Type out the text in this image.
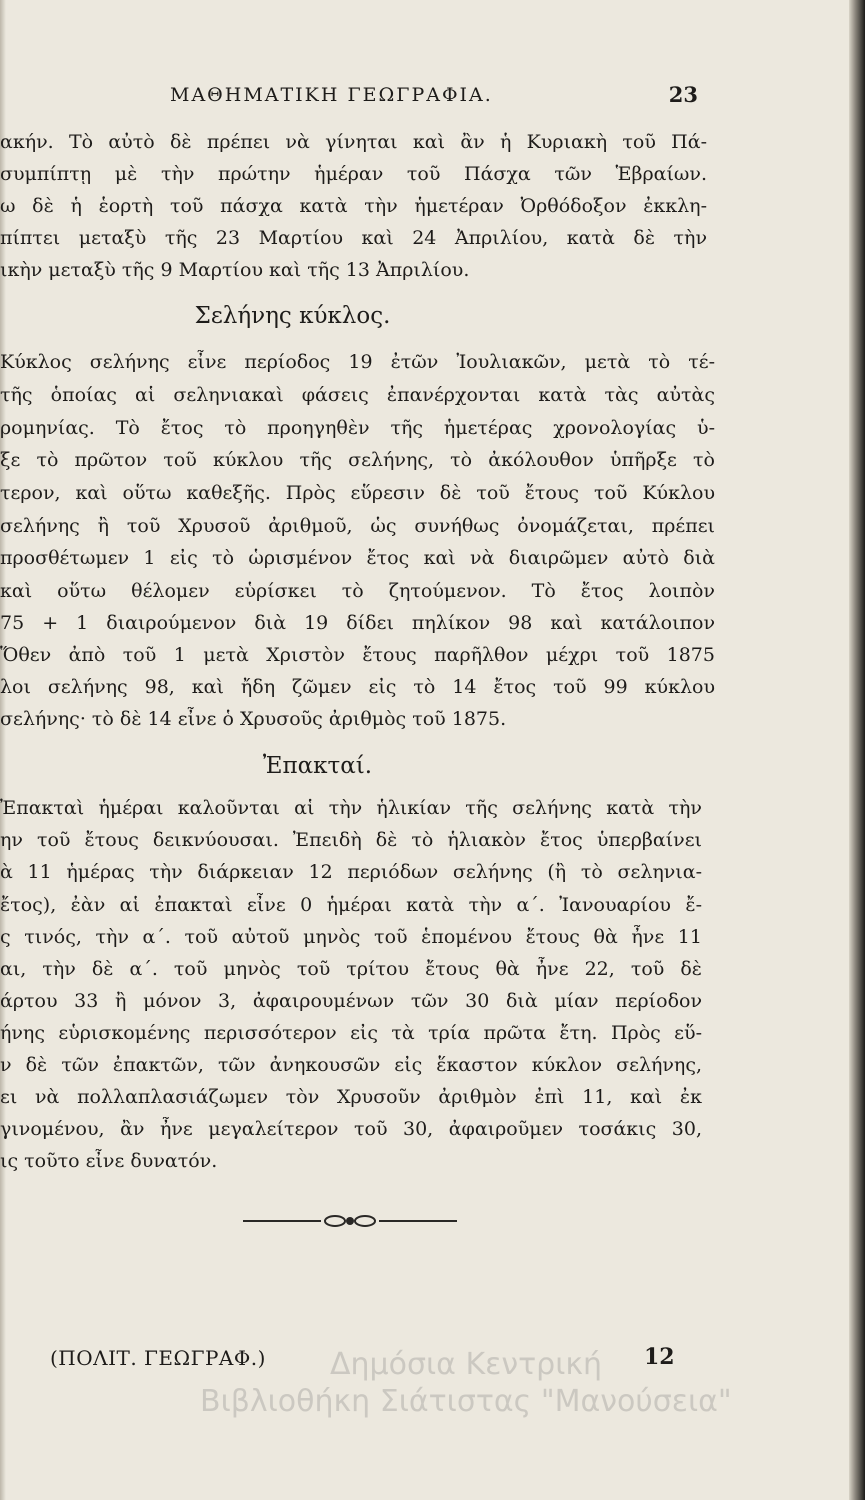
ΜΑΘΗΜΑΤΙΚΗ ΓΕΩΓΡΑΦΙΑ.	23
ακήν. Τὸ αὐτὸ δὲ πρέπει νὰ γίνηται καὶ ἂν ἡ Κυριακὴ τοῦ Πά-
συμπίπτῃ μὲ τὴν πρώτην ἡμέραν τοῦ Πάσχα τῶν Ἑβραίων.
ω δὲ ἡ ἑορτὴ τοῦ πάσχα κατὰ τὴν ἡμετέραν Ὀρθόδοξον ἐκκλη-
πίπτει μεταξὺ τῆς 23 Μαρτίου καὶ 24 Ἀπριλίου, κατὰ δὲ τὴν
ικὴν μεταξὺ τῆς 9 Μαρτίου καὶ τῆς 13 Ἀπριλίου.
Σελήνης κύκλος.
Κύκλος σελήνης εἶνε περίοδος 19 ἐτῶν Ἰουλιακῶν, μετὰ τὸ τέ-
τῆς ὁποίας αἱ σεληνιακαὶ φάσεις ἐπανέρχονται κατὰ τὰς αὐτὰς
ρομηνίας. Τὸ ἔτος τὸ προηγηθὲν τῆς ἡμετέρας χρονολογίας ὑ-
ξε τὸ πρῶτον τοῦ κύκλου τῆς σελήνης, τὸ ἀκόλουθον ὑπῆρξε τὸ
τερον, καὶ οὕτω καθεξῆς. Πρὸς εὕρεσιν δὲ τοῦ ἔτους τοῦ Κύκλου
σελήνης ἢ τοῦ Χρυσοῦ ἀριθμοῦ, ὡς συνήθως ὀνομάζεται, πρέπει
προσθέτωμεν 1 εἰς τὸ ὡρισμένον ἔτος καὶ νὰ διαιρῶμεν αὐτὸ διὰ
καὶ οὕτω θέλομεν εὑρίσκει τὸ ζητούμενον. Τὸ ἔτος λοιπὸν
75 + 1 διαιρούμενον διὰ 19 δίδει πηλίκον 98 καὶ κατάλοιπον
Ὅθεν ἀπὸ τοῦ 1 μετὰ Χριστὸν ἔτους παρῆλθον μέχρι τοῦ 1875
λοι σελήνης 98, καὶ ἤδη ζῶμεν εἰς τὸ 14 ἔτος τοῦ 99 κύκλου
σελήνης· τὸ δὲ 14 εἶνε ὁ Χρυσοῦς ἀριθμὸς τοῦ 1875.
Ἐπακταί.
Ἐπακταὶ ἡμέραι καλοῦνται αἱ τὴν ἡλικίαν τῆς σελήνης κατὰ τὴν
ην τοῦ ἔτους δεικνύουσαι. Ἐπειδὴ δὲ τὸ ἡλιακὸν ἔτος ὑπερβαίνει
ὰ 11 ἡμέρας τὴν διάρκειαν 12 περιόδων σελήνης (ἢ τὸ σεληνια-
ἔτος), ἐὰν αἱ ἐπακταὶ εἶνε 0 ἡμέραι κατὰ τὴν α΄. Ἰανουαρίου ἔ-
ς τινός, τὴν α΄. τοῦ αὐτοῦ μηνὸς τοῦ ἑπομένου ἔτους θὰ ἦνε 11
αι, τὴν δὲ α΄. τοῦ μηνὸς τοῦ τρίτου ἔτους θὰ ἦνε 22, τοῦ δὲ
άρτου 33 ἢ μόνον 3, ἀφαιρουμένων τῶν 30 διὰ μίαν περίοδον
ήνης εὑρισκομένης περισσότερον εἰς τὰ τρία πρῶτα ἔτη. Πρὸς εὕ-
ν δὲ τῶν ἐπακτῶν, τῶν ἀνηκουσῶν εἰς ἕκαστον κύκλον σελήνης,
ει νὰ πολλαπλασιάζωμεν τὸν Χρυσοῦν ἀριθμὸν ἐπὶ 11, καὶ ἐκ
γινομένου, ἂν ἦνε μεγαλείτερον τοῦ 30, ἀφαιροῦμεν τοσάκις 30,
ις τοῦτο εἶνε δυνατόν.
(ΠΟΛΙΤ. ΓΕΩΓΡΑΦ.)	12
Δημόσια Κεντρική
Βιβλιοθήκη Σιάτιστας "Μανούσεια"
